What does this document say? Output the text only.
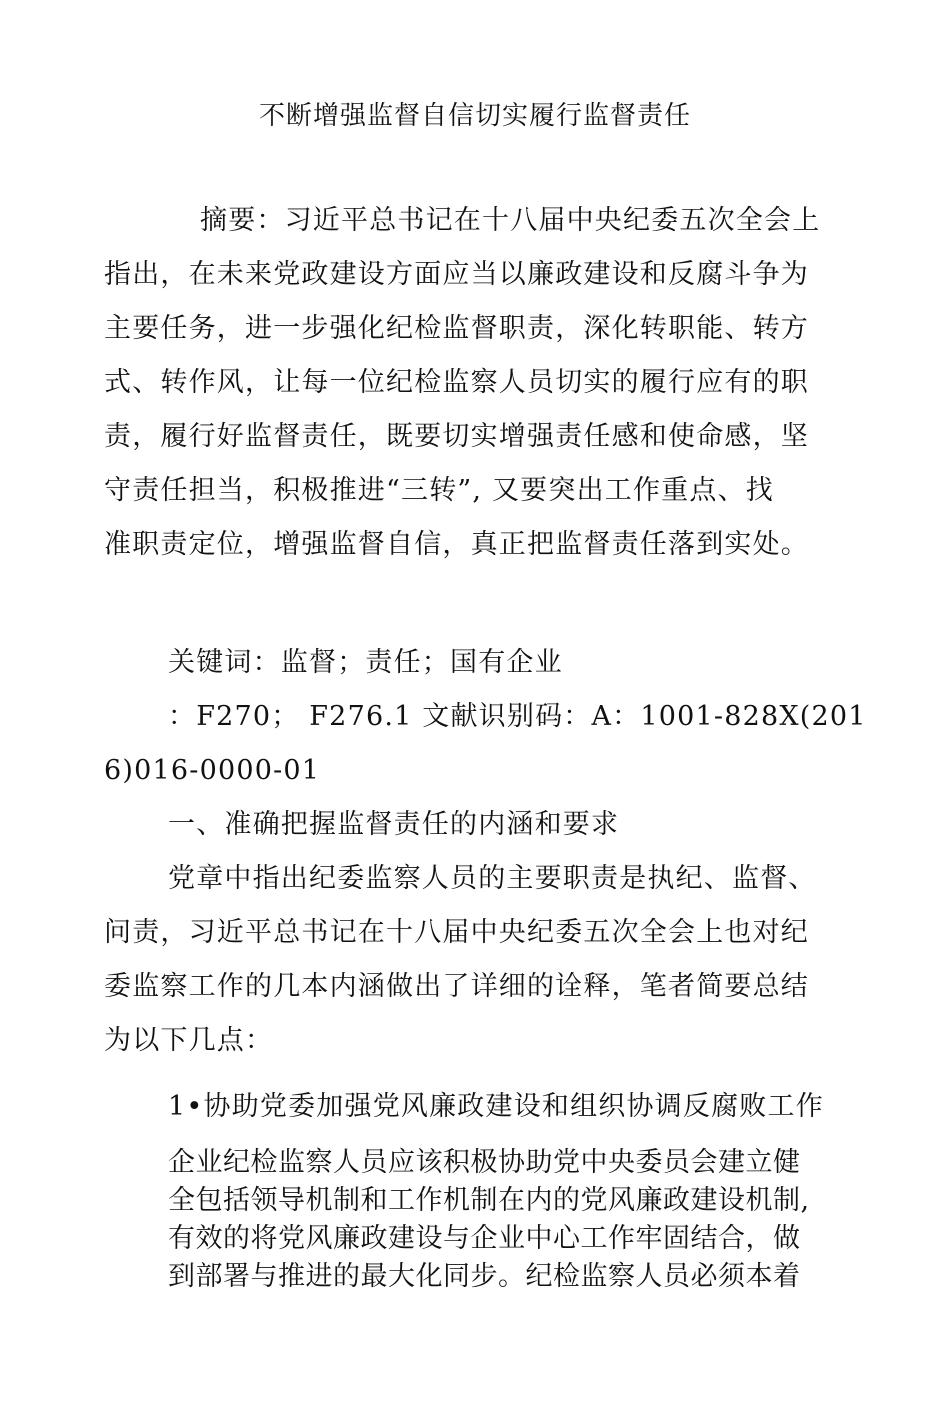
不断增强监督自信切实履行监督责任
摘要：习近平总书记在十八届中央纪委五次全会上
指出，在未来党政建设方面应当以廉政建设和反腐斗争为
主要任务，进一步强化纪检监督职责，深化转职能、转方
式、转作风，让每一位纪检监察人员切实的履行应有的职
责，履行好监督责任，既要切实增强责任感和使命感，坚
守责任担当，积极推进“三转”, 又要突出工作重点、找
准职责定位，增强监督自信，真正把监督责任落到实处。
关键词：监督；责任；国有企业
：F270； F276.1 文献识别码：A：1001-828X(201
6)016-0000-01
一、准确把握监督责任的内涵和要求
党章中指出纪委监察人员的主要职责是执纪、监督、
问责，习近平总书记在十八届中央纪委五次全会上也对纪
委监察工作的几本内涵做出了详细的诠释，笔者简要总结
为以下几点：
1•协助党委加强党风廉政建设和组织协调反腐败工作
企业纪检监察人员应该积极协助党中央委员会建立健
全包括领导机制和工作机制在内的党风廉政建设机制,
有效的将党风廉政建设与企业中心工作牢固结合，做
到部署与推进的最大化同步。纪检监察人员必须本着
